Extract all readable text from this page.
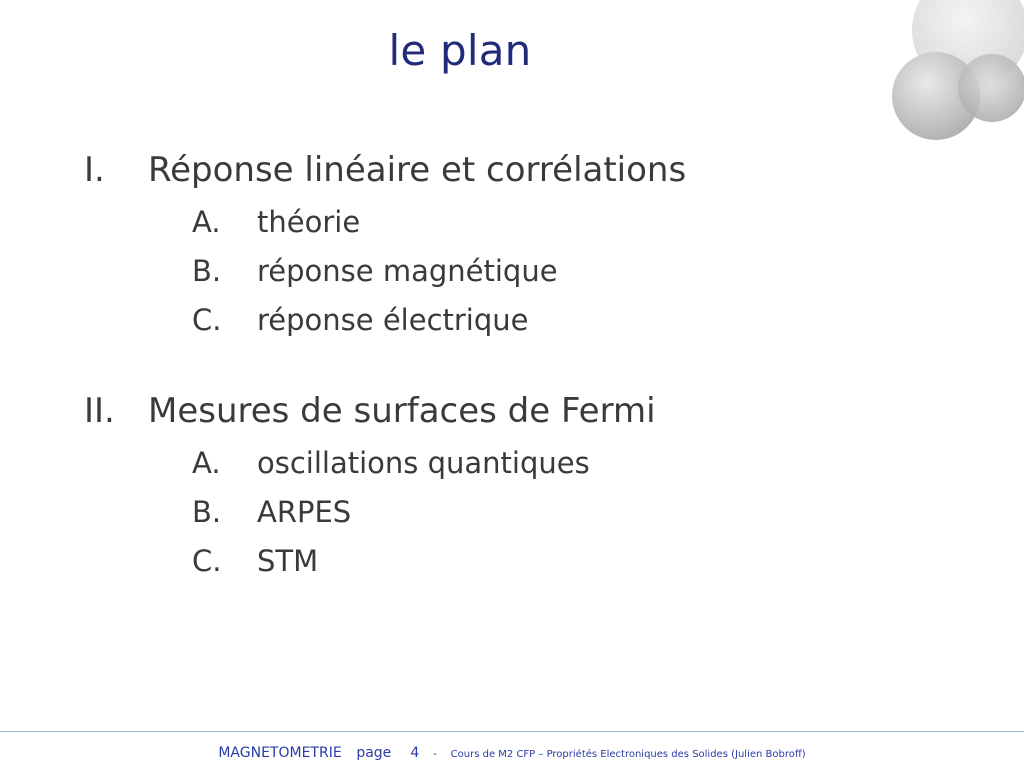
le plan
I.	Réponse linéaire et corrélations
A.	théorie
B.	réponse magnétique
C.	réponse électrique
II. Mesures de surfaces de Fermi
A.	oscillations quantiques
B.	ARPES
C.	STM
MAGNETOMETRIE page 4 - Cours de M2 CFP – Propriétés Electroniques des Solides (Julien Bobroff)
